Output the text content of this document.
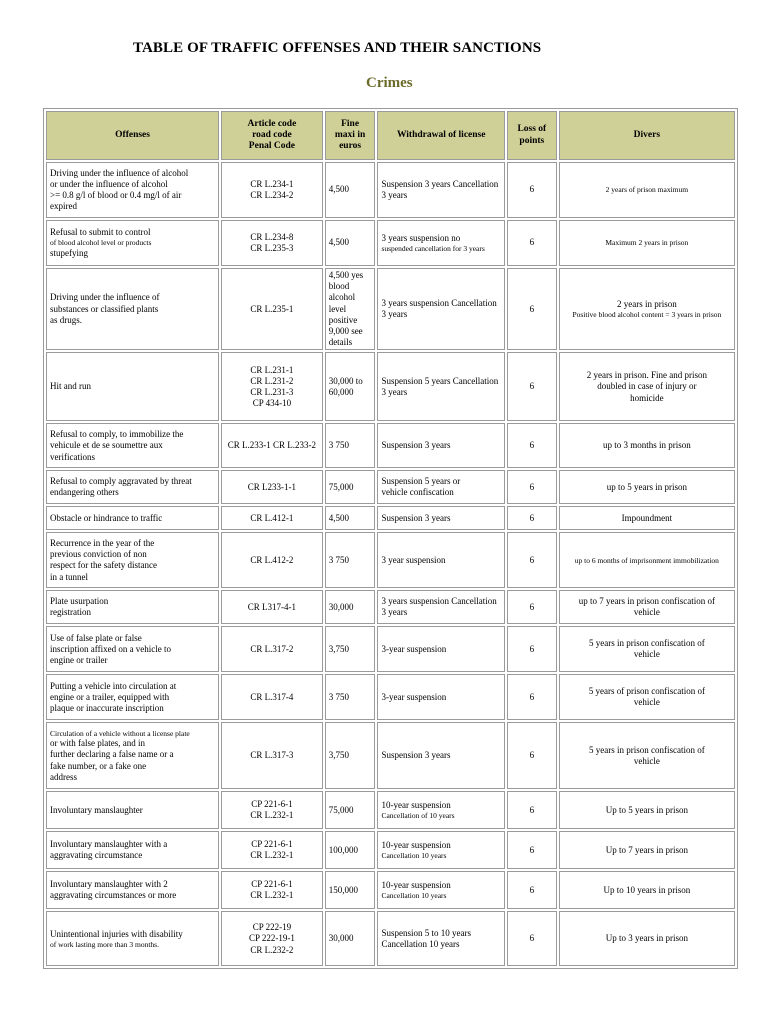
TABLE OF TRAFFIC OFFENSES AND THEIR SANCTIONS
Crimes
Offenses	Article code
road code
Penal Code	Fine
maxi in
euros	Withdrawal of license	Loss of
points	Divers

Driving under the influence of alcohol
or under the influence of alcohol
>= 0.8 g/l of blood or 0.4 mg/l of air
expired	CR L.234-1
CR L.234-2	4,500	Suspension 3 years Cancellation
3 years	6	2 years of prison maximum

Refusal to submit to control
of blood alcohol level or products
stupefying	CR L.234-8
CR L.235-3	4,500	3 years suspension no
suspended cancellation for 3 years	6	Maximum 2 years in prison

Driving under the influence of
substances or classified plants
as drugs.	CR L.235-1	4,500 yes
blood alcohol level
positive
9,000 see
details	3 years suspension Cancellation
3 years	6	2 years in prison
Positive blood alcohol content = 3 years in prison

Hit and run	CR L.231-1
CR L.231-2
CR L.231-3
CP 434-10	30,000 to
60,000	Suspension 5 years Cancellation
3 years	6	2 years in prison. Fine and prison
doubled in case of injury or
homicide

Refusal to comply, to immobilize the
vehicule et de se soumettre aux
verifications	CR L.233-1 CR L.233-2	3 750	Suspension 3 years	6	up to 3 months in prison

Refusal to comply aggravated by threat
endangering others	CR L233-1-1	75,000	Suspension 5 years or
vehicle confiscation	6	up to 5 years in prison

Obstacle or hindrance to traffic	CR L.412-1	4,500	Suspension 3 years	6	Impoundment

Recurrence in the year of the
previous conviction of non
respect for the safety distance
in a tunnel	CR L.412-2	3 750	3 year suspension	6	up to 6 months of imprisonment immobilization

Plate usurpation
registration	CR L317-4-1	30,000	3 years suspension Cancellation
3 years	6	up to 7 years in prison confiscation of
vehicle

Use of false plate or false
inscription affixed on a vehicle to
engine or trailer	CR L.317-2	3,750	3-year suspension	6	5 years in prison confiscation of
vehicle

Putting a vehicle into circulation at
engine or a trailer, equipped with
plaque or inaccurate inscription	CR L.317-4	3 750	3-year suspension	6	5 years of prison confiscation of
vehicle

Circulation of a vehicle without a license plate
or with false plates, and in
further declaring a false name or a
fake number, or a fake one
address	CR L.317-3	3,750	Suspension 3 years	6	5 years in prison confiscation of
vehicle

Involuntary manslaughter	CP 221-6-1
CR L.232-1	75,000	10-year suspension
Cancellation of 10 years	6	Up to 5 years in prison

Involuntary manslaughter with a
aggravating circumstance	CP 221-6-1
CR L.232-1	100,000	10-year suspension
Cancellation 10 years	6	Up to 7 years in prison

Involuntary manslaughter with 2
aggravating circumstances or more	CP 221-6-1
CR L.232-1	150,000	10-year suspension
Cancellation 10 years	6	Up to 10 years in prison

Unintentional injuries with disability
of work lasting more than 3 months.	CP 222-19
CP 222-19-1
CR L.232-2	30,000	Suspension 5 to 10 years
Cancellation 10 years	6	Up to 3 years in prison
